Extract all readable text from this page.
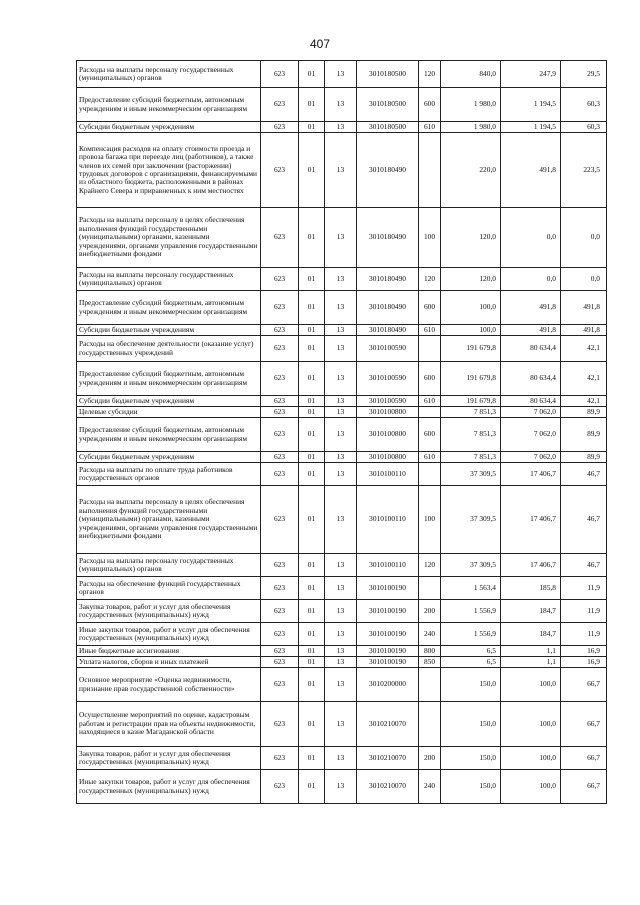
407
Расходы на выплаты персоналу государственных (муниципальных) органов	623	01	13	3010180500	120	840,0	247,9	29,5
Предоставление субсидий бюджетным, автономным учреждениям и иным некоммерческим организациям	623	01	13	3010180500	600	1 980,0	1 194,5	60,3
Субсидии бюджетным учреждениям	623	01	13	3010180500	610	1 980,0	1 194,5	60,3
Компенсация расходов на оплату стоимости проезда и провоза багажа при переезде лиц (работников), а также членов их семей при заключении (расторжении) трудовых договоров с организациями, финансируемыми из областного бюджета, расположенными в районах Крайнего Севера и приравненных к ним местностях	623	01	13	3010180490		220,0	491,8	223,5
Расходы на выплаты персоналу в целях обеспечения выполнения функций государственными (муниципальными) органами, казенными учреждениями, органами управления государственными внебюджетными фондами	623	01	13	3010180490	100	120,0	0,0	0,0
Расходы на выплаты персоналу государственных (муниципальных) органов	623	01	13	3010180490	120	120,0	0,0	0,0
Предоставление субсидий бюджетным, автономным учреждениям и иным некоммерческим организациям	623	01	13	3010180490	600	100,0	491,8	491,8
Субсидии бюджетным учреждениям	623	01	13	3010180490	610	100,0	491,8	491,8
Расходы на обеспечение деятельности (оказание услуг) государственных учреждений	623	01	13	3010100590		191 679,8	80 634,4	42,1
Предоставление субсидий бюджетным, автономным учреждениям и иным некоммерческим организациям	623	01	13	3010100590	600	191 679,8	80 634,4	42,1
Субсидии бюджетным учреждениям	623	01	13	3010100590	610	191 679,8	80 634,4	42,1
Целевые субсидии	623	01	13	3010100800		7 851,3	7 062,0	89,9
Предоставление субсидий бюджетным, автономным учреждениям и иным некоммерческим организациям	623	01	13	3010100800	600	7 851,3	7 062,0	89,9
Субсидии бюджетным учреждениям	623	01	13	3010100800	610	7 851,3	7 062,0	89,9
Расходы на выплаты по оплате труда работников государственных органов	623	01	13	3010100110		37 309,5	17 406,7	46,7
Расходы на выплаты персоналу в целях обеспечения выполнения функций государственными (муниципальными) органами, казенными учреждениями, органами управления государственными внебюджетными фондами	623	01	13	3010100110	100	37 309,5	17 406,7	46,7
Расходы на выплаты персоналу государственных (муниципальных) органов	623	01	13	3010100110	120	37 309,5	17 406,7	46,7
Расходы на обеспечение функций государственных органов	623	01	13	3010100190		1 563,4	185,8	11,9
Закупка товаров, работ и услуг для обеспечения государственных (муниципальных) нужд	623	01	13	3010100190	200	1 556,9	184,7	11,9
Иные закупки товаров, работ и услуг для обеспечения государственных (муниципальных) нужд	623	01	13	3010100190	240	1 556,9	184,7	11,9
Иные бюджетные ассигнования	623	01	13	3010100190	800	6,5	1,1	16,9
Уплата налогов, сборов и иных платежей	623	01	13	3010100190	850	6,5	1,1	16,9
Основное мероприятие «Оценка недвижимости, признание прав государственной собственности»	623	01	13	3010200000		150,0	100,0	66,7
Осуществление мероприятий по оценке, кадастровым работам и регистрации прав на объекты недвижимости, находящиеся в казне Магаданской области	623	01	13	3010210070		150,0	100,0	66,7
Закупка товаров, работ и услуг для обеспечения государственных (муниципальных) нужд	623	01	13	3010210070	200	150,0	100,0	66,7
Иные закупки товаров, работ и услуг для обеспечения государственных (муниципальных) нужд	623	01	13	3010210070	240	150,0	100,0	66,7
